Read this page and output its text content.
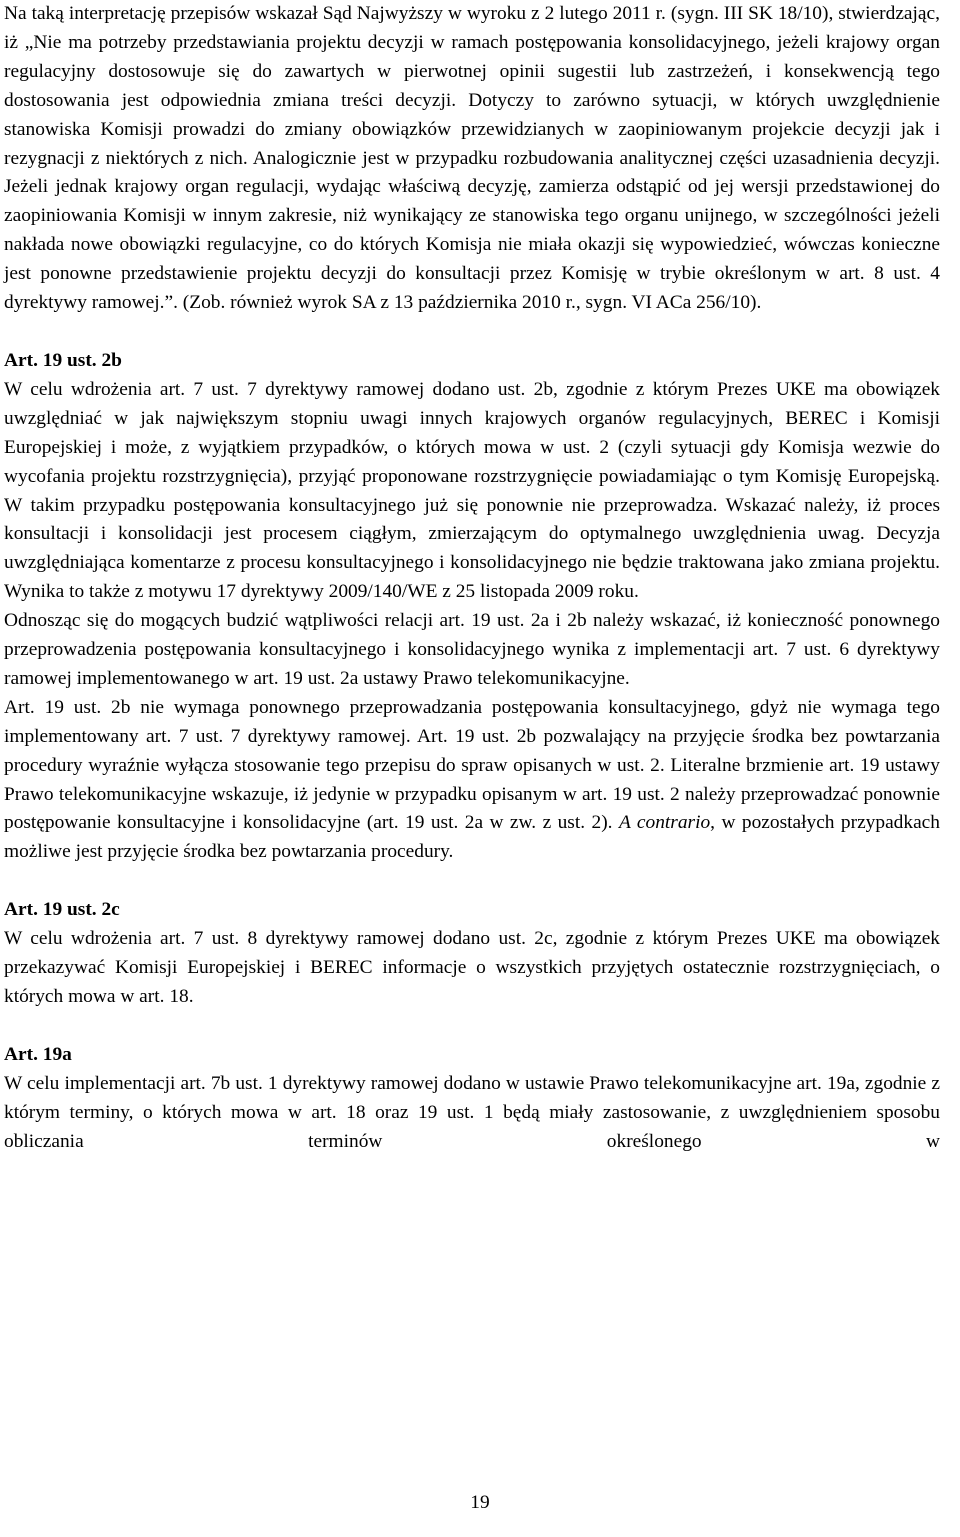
Na taką interpretację przepisów wskazał Sąd Najwyższy w wyroku z 2 lutego 2011 r. (sygn. III SK 18/10), stwierdzając, iż „Nie ma potrzeby przedstawiania projektu decyzji w ramach postępowania konsolidacyjnego, jeżeli krajowy organ regulacyjny dostosowuje się do zawartych w pierwotnej opinii sugestii lub zastrzeżeń, i konsekwencją tego dostosowania jest odpowiednia zmiana treści decyzji. Dotyczy to zarówno sytuacji, w których uwzględnienie stanowiska Komisji prowadzi do zmiany obowiązków przewidzianych w zaopiniowanym projekcie decyzji jak i rezygnacji z niektórych z nich. Analogicznie jest w przypadku rozbudowania analitycznej części uzasadnienia decyzji. Jeżeli jednak krajowy organ regulacji, wydając właściwą decyzję, zamierza odstąpić od jej wersji przedstawionej do zaopiniowania Komisji w innym zakresie, niż wynikający ze stanowiska tego organu unijnego, w szczególności jeżeli nakłada nowe obowiązki regulacyjne, co do których Komisja nie miała okazji się wypowiedzieć, wówczas konieczne jest ponowne przedstawienie projektu decyzji do konsultacji przez Komisję w trybie określonym w art. 8 ust. 4 dyrektywy ramowej.”. (Zob. również wyrok SA z 13 października 2010 r., sygn. VI ACa 256/10).

Art. 19 ust. 2b

W celu wdrożenia art. 7 ust. 7 dyrektywy ramowej dodano ust. 2b, zgodnie z którym Prezes UKE ma obowiązek uwzględniać w jak największym stopniu uwagi innych krajowych organów regulacyjnych, BEREC i Komisji Europejskiej i może, z wyjątkiem przypadków, o których mowa w ust. 2 (czyli sytuacji gdy Komisja wezwie do wycofania projektu rozstrzygnięcia), przyjąć proponowane rozstrzygnięcie powiadamiając o tym Komisję Europejską. W takim przypadku postępowania konsultacyjnego już się ponownie nie przeprowadza. Wskazać należy, iż proces konsultacji i konsolidacji jest procesem ciągłym, zmierzającym do optymalnego uwzględnienia uwag. Decyzja uwzględniająca komentarze z procesu konsultacyjnego i konsolidacyjnego nie będzie traktowana jako zmiana projektu. Wynika to także z motywu 17 dyrektywy 2009/140/WE z 25 listopada 2009 roku.

Odnosząc się do mogących budzić wątpliwości relacji art. 19 ust. 2a i 2b należy wskazać, iż konieczność ponownego przeprowadzenia postępowania konsultacyjnego i konsolidacyjnego wynika z implementacji art. 7 ust. 6 dyrektywy ramowej implementowanego w art. 19 ust. 2a ustawy Prawo telekomunikacyjne.

Art. 19 ust. 2b nie wymaga ponownego przeprowadzania postępowania konsultacyjnego, gdyż nie wymaga tego implementowany art. 7 ust. 7 dyrektywy ramowej. Art. 19 ust. 2b pozwalający na przyjęcie środka bez powtarzania procedury wyraźnie wyłącza stosowanie tego przepisu do spraw opisanych w ust. 2. Literalne brzmienie art. 19 ustawy Prawo telekomunikacyjne wskazuje, iż jedynie w przypadku opisanym w art. 19 ust. 2 należy przeprowadzać ponownie postępowanie konsultacyjne i konsolidacyjne (art. 19 ust. 2a w zw. z ust. 2). A contrario, w pozostałych przypadkach możliwe jest przyjęcie środka bez powtarzania procedury.

Art. 19 ust. 2c

W celu wdrożenia art. 7 ust. 8 dyrektywy ramowej dodano ust. 2c, zgodnie z którym Prezes UKE ma obowiązek przekazywać Komisji Europejskiej i BEREC informacje o wszystkich przyjętych ostatecznie rozstrzygnięciach, o których mowa w art. 18.

Art. 19a

W celu implementacji art. 7b ust. 1 dyrektywy ramowej dodano w ustawie Prawo telekomunikacyjne art. 19a, zgodnie z którym terminy, o których mowa w art. 18 oraz 19 ust. 1 będą miały zastosowanie, z uwzględnieniem sposobu obliczania terminów określonego w

19
